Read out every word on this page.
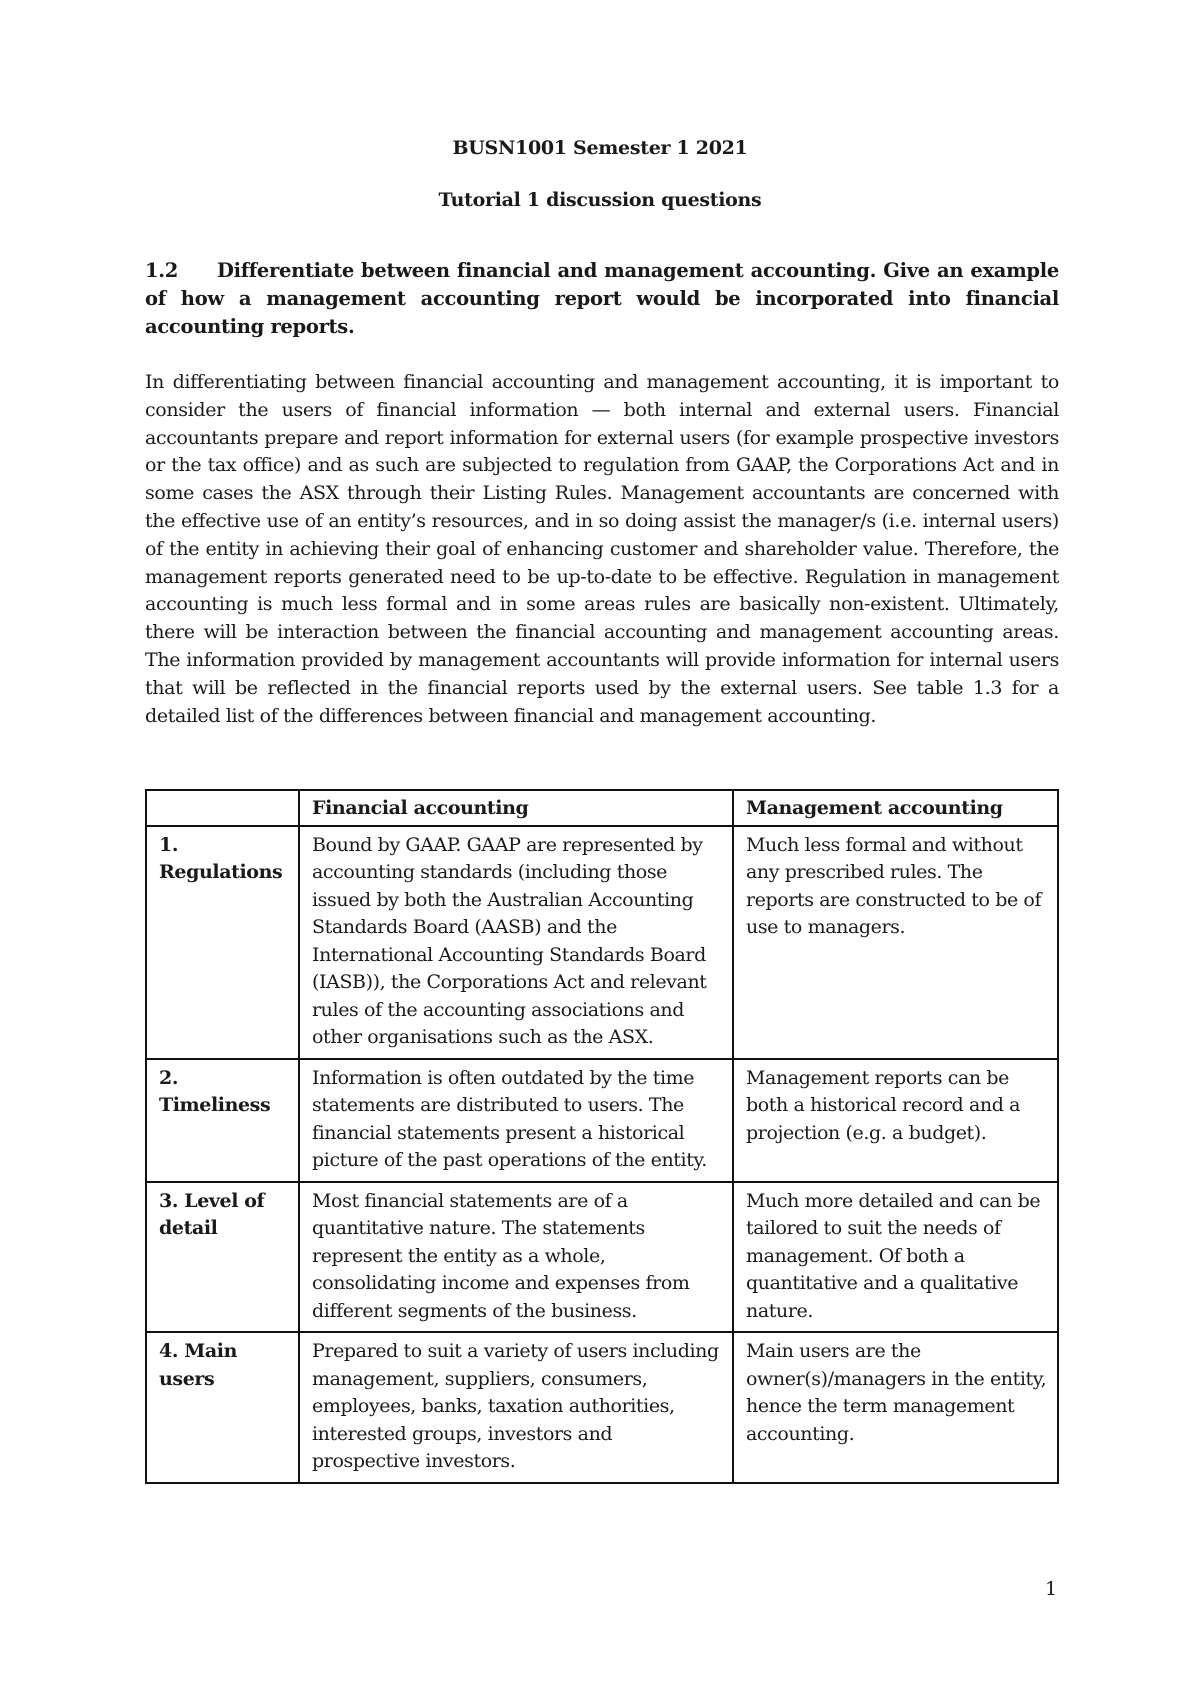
BUSN1001 Semester 1 2021
Tutorial 1 discussion questions
1.2 Differentiate between financial and management accounting. Give an example of how a management accounting report would be incorporated into financial accounting reports.
In differentiating between financial accounting and management accounting, it is important to consider the users of financial information — both internal and external users. Financial accountants prepare and report information for external users (for example prospective investors or the tax office) and as such are subjected to regulation from GAAP, the Corporations Act and in some cases the ASX through their Listing Rules. Management accountants are concerned with the effective use of an entity’s resources, and in so doing assist the manager/s (i.e. internal users) of the entity in achieving their goal of enhancing customer and shareholder value. Therefore, the management reports generated need to be up-to-date to be effective. Regulation in management accounting is much less formal and in some areas rules are basically non-existent. Ultimately, there will be interaction between the financial accounting and management accounting areas. The information provided by management accountants will provide information for internal users that will be reflected in the financial reports used by the external users. See table 1.3 for a detailed list of the differences between financial and management accounting.
	Financial accounting	Management accounting
1. Regulations	Bound by GAAP. GAAP are represented by accounting standards (including those issued by both the Australian Accounting Standards Board (AASB) and the International Accounting Standards Board (IASB)), the Corporations Act and relevant rules of the accounting associations and other organisations such as the ASX.	Much less formal and without any prescribed rules. The reports are constructed to be of use to managers.
2. Timeliness	Information is often outdated by the time statements are distributed to users. The financial statements present a historical picture of the past operations of the entity.	Management reports can be both a historical record and a projection (e.g. a budget).
3. Level of detail	Most financial statements are of a quantitative nature. The statements represent the entity as a whole, consolidating income and expenses from different segments of the business.	Much more detailed and can be tailored to suit the needs of management. Of both a quantitative and a qualitative nature.
4. Main users	Prepared to suit a variety of users including management, suppliers, consumers, employees, banks, taxation authorities, interested groups, investors and prospective investors.	Main users are the owner(s)/managers in the entity, hence the term management accounting.
1
